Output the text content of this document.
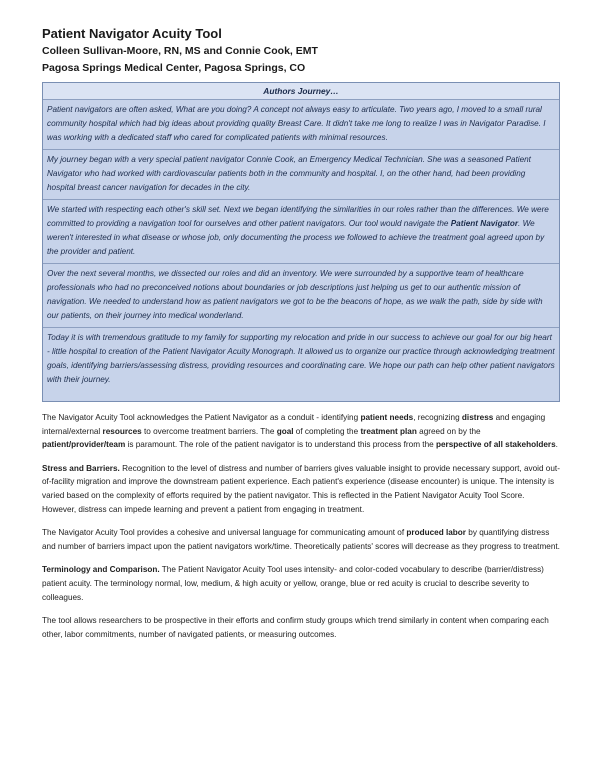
Patient Navigator Acuity Tool
Colleen Sullivan-Moore, RN, MS and Connie Cook, EMT
Pagosa Springs Medical Center, Pagosa Springs, CO
Authors Journey…

Patient navigators are often asked, What are you doing? A concept not always easy to articulate. Two years ago, I moved to a small rural community hospital which had big ideas about providing quality Breast Care. It didn't take me long to realize I was in Navigator Paradise. I was working with a dedicated staff who cared for complicated patients with minimal resources.

My journey began with a very special patient navigator Connie Cook, an Emergency Medical Technician. She was a seasoned Patient Navigator who had worked with cardiovascular patients both in the community and hospital. I, on the other hand, had been providing hospital breast cancer navigation for decades in the city.

We started with respecting each other's skill set. Next we began identifying the similarities in our roles rather than the differences. We were committed to providing a navigation tool for ourselves and other patient navigators. Our tool would navigate the Patient Navigator. We weren't interested in what disease or whose job, only documenting the process we followed to achieve the treatment goal agreed upon by the provider and patient.

Over the next several months, we dissected our roles and did an inventory. We were surrounded by a supportive team of healthcare professionals who had no preconceived notions about boundaries or job descriptions just helping us get to our authentic mission of navigation. We needed to understand how as patient navigators we got to be the beacons of hope, as we walk the path, side by side with our patients, on their journey into medical wonderland.

Today it is with tremendous gratitude to my family for supporting my relocation and pride in our success to achieve our goal for our big heart - little hospital to creation of the Patient Navigator Acuity Monograph. It allowed us to organize our practice through acknowledging treatment goals, identifying barriers/assessing distress, providing resources and coordinating care. We hope our path can help other patient navigators with their journey.

The Navigator Acuity Tool acknowledges the Patient Navigator as a conduit - identifying patient needs, recognizing distress and engaging internal/external resources to overcome treatment barriers. The goal of completing the treatment plan agreed on by the patient/provider/team is paramount. The role of the patient navigator is to understand this process from the perspective of all stakeholders.

Stress and Barriers. Recognition to the level of distress and number of barriers gives valuable insight to provide necessary support, avoid out-of-facility migration and improve the downstream patient experience. Each patient's experience (disease encounter) is unique. The intensity is varied based on the complexity of efforts required by the patient navigator. This is reflected in the Patient Navigator Acuity Tool Score. However, distress can impede learning and prevent a patient from engaging in treatment.

The Navigator Acuity Tool provides a cohesive and universal language for communicating amount of produced labor by quantifying distress and number of barriers impact upon the patient navigators work/time. Theoretically patients' scores will decrease as they progress to treatment.

Terminology and Comparison. The Patient Navigator Acuity Tool uses intensity- and color-coded vocabulary to describe (barrier/distress) patient acuity. The terminology normal, low, medium, & high acuity or yellow, orange, blue or red acuity is crucial to describe severity to colleagues.

The tool allows researchers to be prospective in their efforts and confirm study groups which trend similarly in content when comparing each other, labor commitments, number of navigated patients, or measuring outcomes.
